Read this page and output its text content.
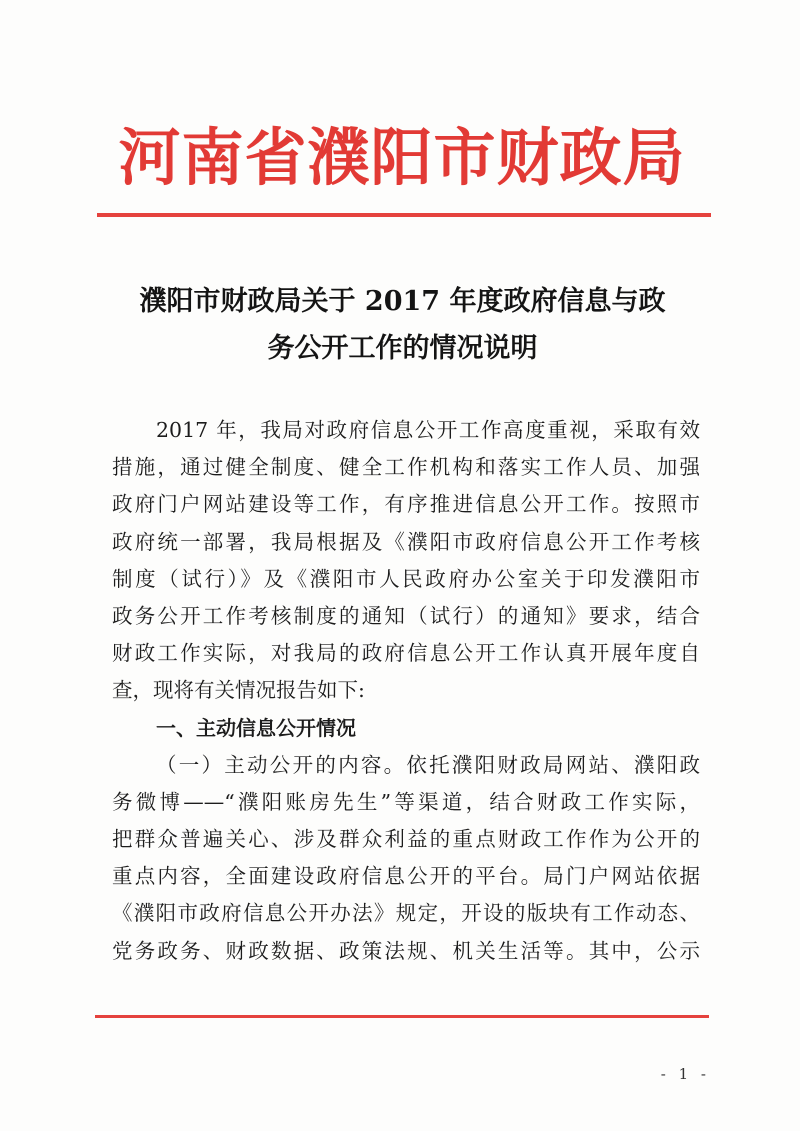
河南省濮阳市财政局
濮阳市财政局关于 2017 年度政府信息与政
务公开工作的情况说明
2017 年，我局对政府信息公开工作高度重视，采取有效
措施，通过健全制度、健全工作机构和落实工作人员、加强
政府门户网站建设等工作，有序推进信息公开工作。按照市
政府统一部署，我局根据及《濮阳市政府信息公开工作考核
制度（试行）》及《濮阳市人民政府办公室关于印发濮阳市
政务公开工作考核制度的通知（试行）的通知》要求，结合
财政工作实际，对我局的政府信息公开工作认真开展年度自
查，现将有关情况报告如下:
一、主动信息公开情况
（一）主动公开的内容。依托濮阳财政局网站、濮阳政
务微博——“濮阳账房先生”等渠道，结合财政工作实际，
把群众普遍关心、涉及群众利益的重点财政工作作为公开的
重点内容，全面建设政府信息公开的平台。局门户网站依据
《濮阳市政府信息公开办法》规定，开设的版块有工作动态、
党务政务、财政数据、政策法规、机关生活等。其中，公示
- 1 -
